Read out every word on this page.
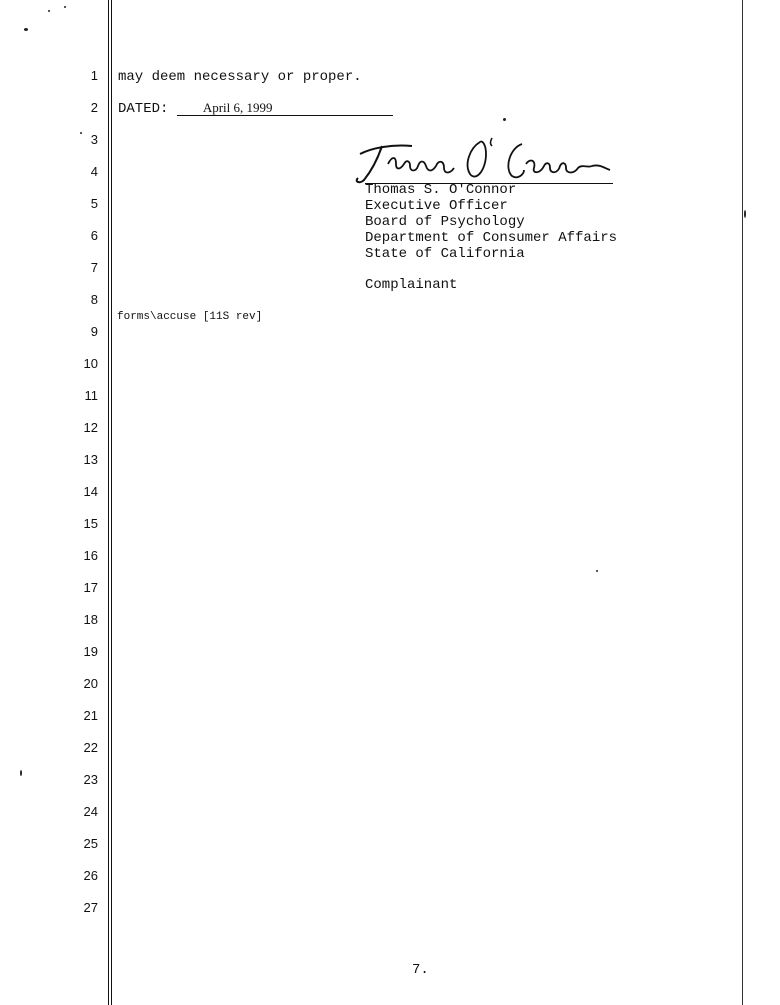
1
2
3
4
5
6
7
8
9
10
11
12
13
14
15
16
17
18
19
20
21
22
23
24
25
26
27
may deem necessary or proper.
DATED:	April 6, 1999
Thomas O'Connor
Thomas S. O'Connor
Executive Officer
Board of Psychology
Department of Consumer Affairs
State of California
Complainant
forms\accuse [11S rev]
7.
